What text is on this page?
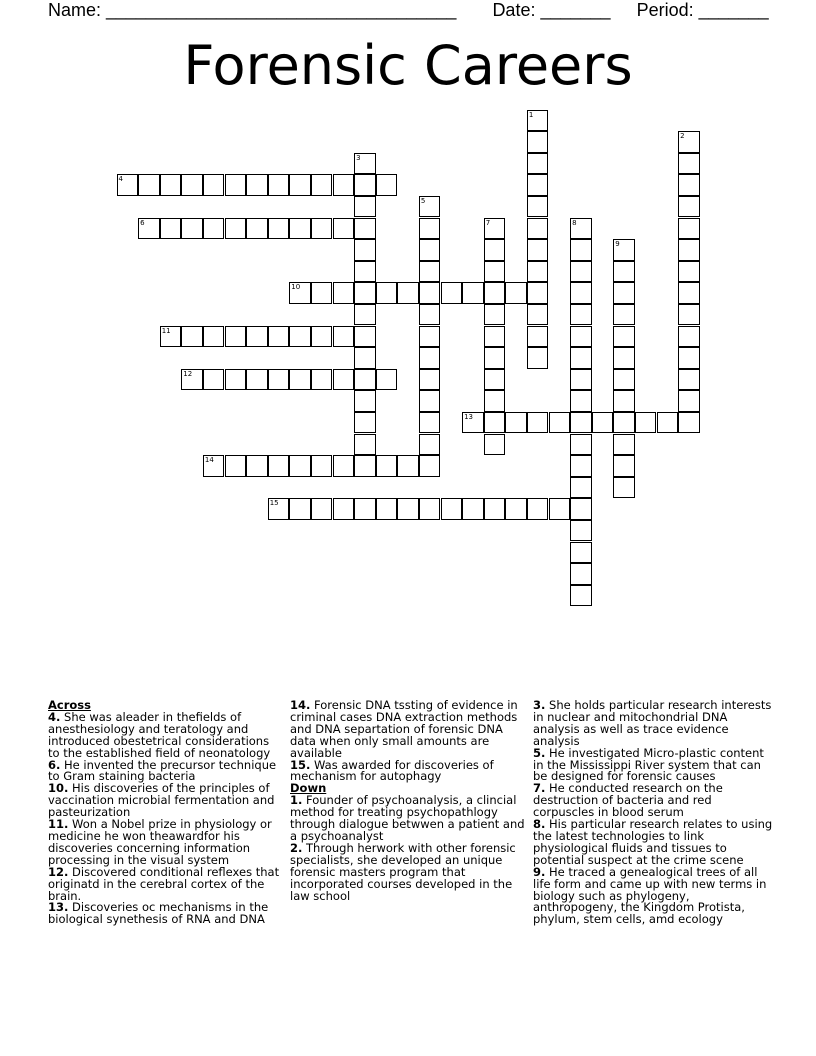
Name: ___________________________________ Date: _______ Period: _______
Forensic Careers
1
2
3
4
5
6	7	8
9
10
11
12
13
14
15
Across
4. She was aleader in thefields of anesthesiology and teratology and introduced obestetrical considerations to the established field of neonatology
6. He invented the precursor technique to Gram staining bacteria
10. His discoveries of the principles of vaccination microbial fermentation and pasteurization
11. Won a Nobel prize in physiology or medicine he won theawardfor his discoveries concerning information processing in the visual system
12. Discovered conditional reflexes that originatd in the cerebral cortex of the brain.
13. Discoveries oc mechanisms in the biological synethesis of RNA and DNA
14. Forensic DNA tssting of evidence in criminal cases DNA extraction methods and DNA separtation of forensic DNA data when only small amounts are available
15. Was awarded for discoveries of mechanism for autophagy
Down
1. Founder of psychoanalysis, a clincial method for treating psychopathlogy through dialogue betwwen a patient and a psychoanalyst
2. Through herwork with other forensic specialists, she developed an unique forensic masters program that incorporated courses developed in the law school
3. She holds particular research interests in nuclear and mitochondrial DNA analysis as well as trace evidence analysis
5. He investigated Micro-plastic content in the Mississippi River system that can be designed for forensic causes
7. He conducted research on the destruction of bacteria and red corpuscles in blood serum
8. His particular research relates to using the latest technologies to link physiological fluids and tissues to potential suspect at the crime scene
9. He traced a genealogical trees of all life form and came up with new terms in biology such as phylogeny, anthropogeny, the Kingdom Protista, phylum, stem cells, amd ecology
